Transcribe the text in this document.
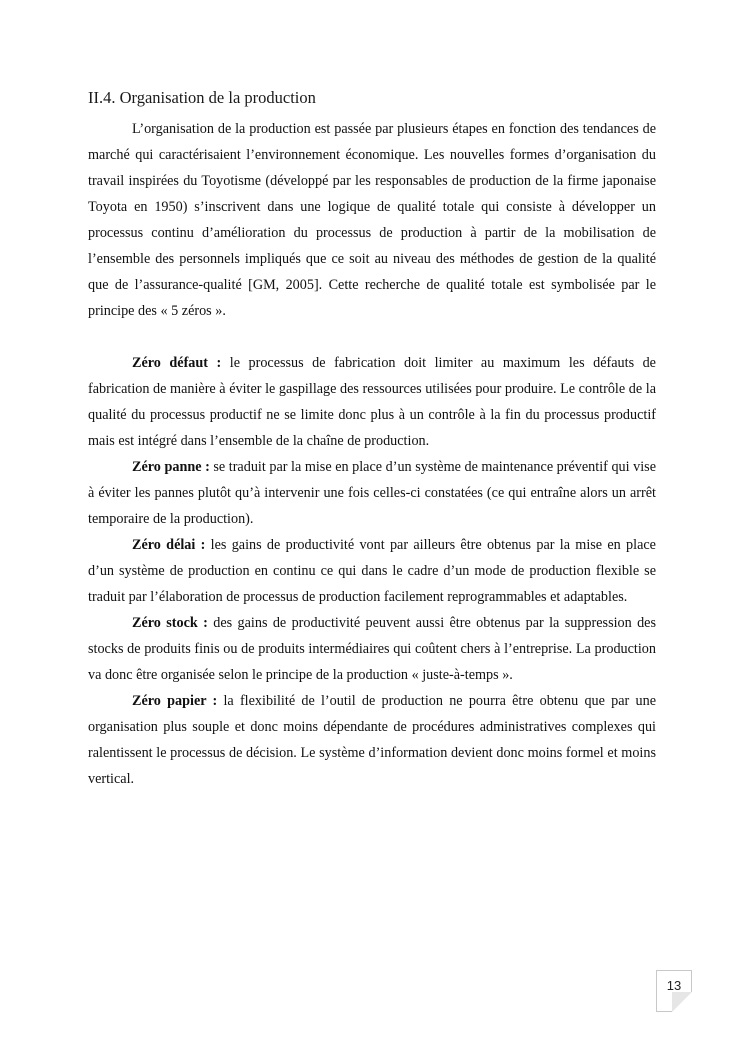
II.4. Organisation de la production

L’organisation de la production est passée par plusieurs étapes en fonction des tendances de marché qui caractérisaient l’environnement économique. Les nouvelles formes d’organisation du travail inspirées du Toyotisme (développé par les responsables de production de la firme japonaise Toyota en 1950) s’inscrivent dans une logique de qualité totale qui consiste à développer un processus continu d’amélioration du processus de production à partir de la mobilisation de l’ensemble des personnels impliqués que ce soit au niveau des méthodes de gestion de la qualité que de l’assurance-qualité [GM, 2005]. Cette recherche de qualité totale est symbolisée par le principe des « 5 zéros ».

Zéro défaut : le processus de fabrication doit limiter au maximum les défauts de fabrication de manière à éviter le gaspillage des ressources utilisées pour produire. Le contrôle de la qualité du processus productif ne se limite donc plus à un contrôle à la fin du processus productif mais est intégré dans l’ensemble de la chaîne de production.

Zéro panne : se traduit par la mise en place d’un système de maintenance préventif qui vise à éviter les pannes plutôt qu’à intervenir une fois celles-ci constatées (ce qui entraîne alors un arrêt temporaire de la production).

Zéro délai : les gains de productivité vont par ailleurs être obtenus par la mise en place d’un système de production en continu ce qui dans le cadre d’un mode de production flexible se traduit par l’élaboration de processus de production facilement reprogrammables et adaptables.

Zéro stock : des gains de productivité peuvent aussi être obtenus par la suppression des stocks de produits finis ou de produits intermédiaires qui coûtent chers à l’entreprise. La production va donc être organisée selon le principe de la production « juste-à-temps ».

Zéro papier : la flexibilité de l’outil de production ne pourra être obtenu que par une organisation plus souple et donc moins dépendante de procédures administratives complexes qui ralentissent le processus de décision. Le système d’information devient donc moins formel et moins vertical.

13
